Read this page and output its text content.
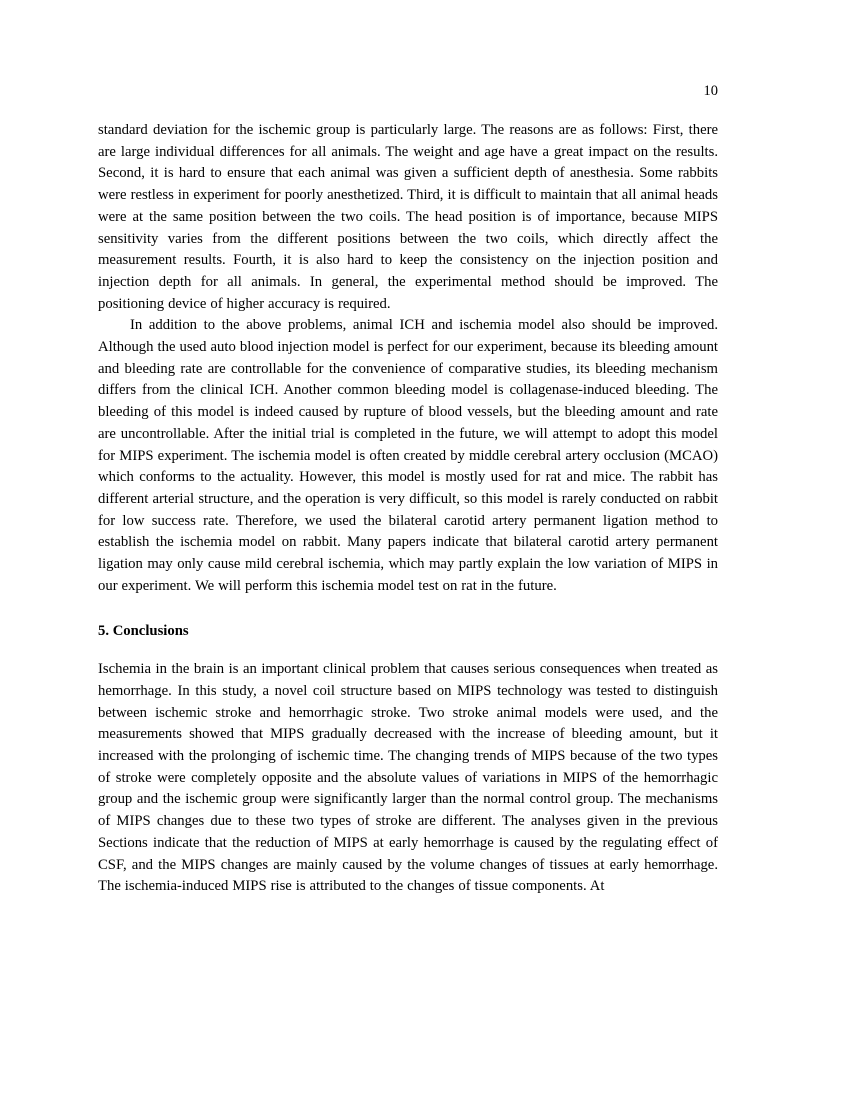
10

standard deviation for the ischemic group is particularly large. The reasons are as follows: First, there are large individual differences for all animals. The weight and age have a great impact on the results. Second, it is hard to ensure that each animal was given a sufficient depth of anesthesia. Some rabbits were restless in experiment for poorly anesthetized. Third, it is difficult to maintain that all animal heads were at the same position between the two coils. The head position is of importance, because MIPS sensitivity varies from the different positions between the two coils, which directly affect the measurement results. Fourth, it is also hard to keep the consistency on the injection position and injection depth for all animals. In general, the experimental method should be improved. The positioning device of higher accuracy is required.

In addition to the above problems, animal ICH and ischemia model also should be improved. Although the used auto blood injection model is perfect for our experiment, because its bleeding amount and bleeding rate are controllable for the convenience of comparative studies, its bleeding mechanism differs from the clinical ICH. Another common bleeding model is collagenase-induced bleeding. The bleeding of this model is indeed caused by rupture of blood vessels, but the bleeding amount and rate are uncontrollable. After the initial trial is completed in the future, we will attempt to adopt this model for MIPS experiment. The ischemia model is often created by middle cerebral artery occlusion (MCAO) which conforms to the actuality. However, this model is mostly used for rat and mice. The rabbit has different arterial structure, and the operation is very difficult, so this model is rarely conducted on rabbit for low success rate. Therefore, we used the bilateral carotid artery permanent ligation method to establish the ischemia model on rabbit. Many papers indicate that bilateral carotid artery permanent ligation may only cause mild cerebral ischemia, which may partly explain the low variation of MIPS in our experiment. We will perform this ischemia model test on rat in the future.

5. Conclusions

Ischemia in the brain is an important clinical problem that causes serious consequences when treated as hemorrhage. In this study, a novel coil structure based on MIPS technology was tested to distinguish between ischemic stroke and hemorrhagic stroke. Two stroke animal models were used, and the measurements showed that MIPS gradually decreased with the increase of bleeding amount, but it increased with the prolonging of ischemic time. The changing trends of MIPS because of the two types of stroke were completely opposite and the absolute values of variations in MIPS of the hemorrhagic group and the ischemic group were significantly larger than the normal control group. The mechanisms of MIPS changes due to these two types of stroke are different. The analyses given in the previous Sections indicate that the reduction of MIPS at early hemorrhage is caused by the regulating effect of CSF, and the MIPS changes are mainly caused by the volume changes of tissues at early hemorrhage. The ischemia-induced MIPS rise is attributed to the changes of tissue components. At
